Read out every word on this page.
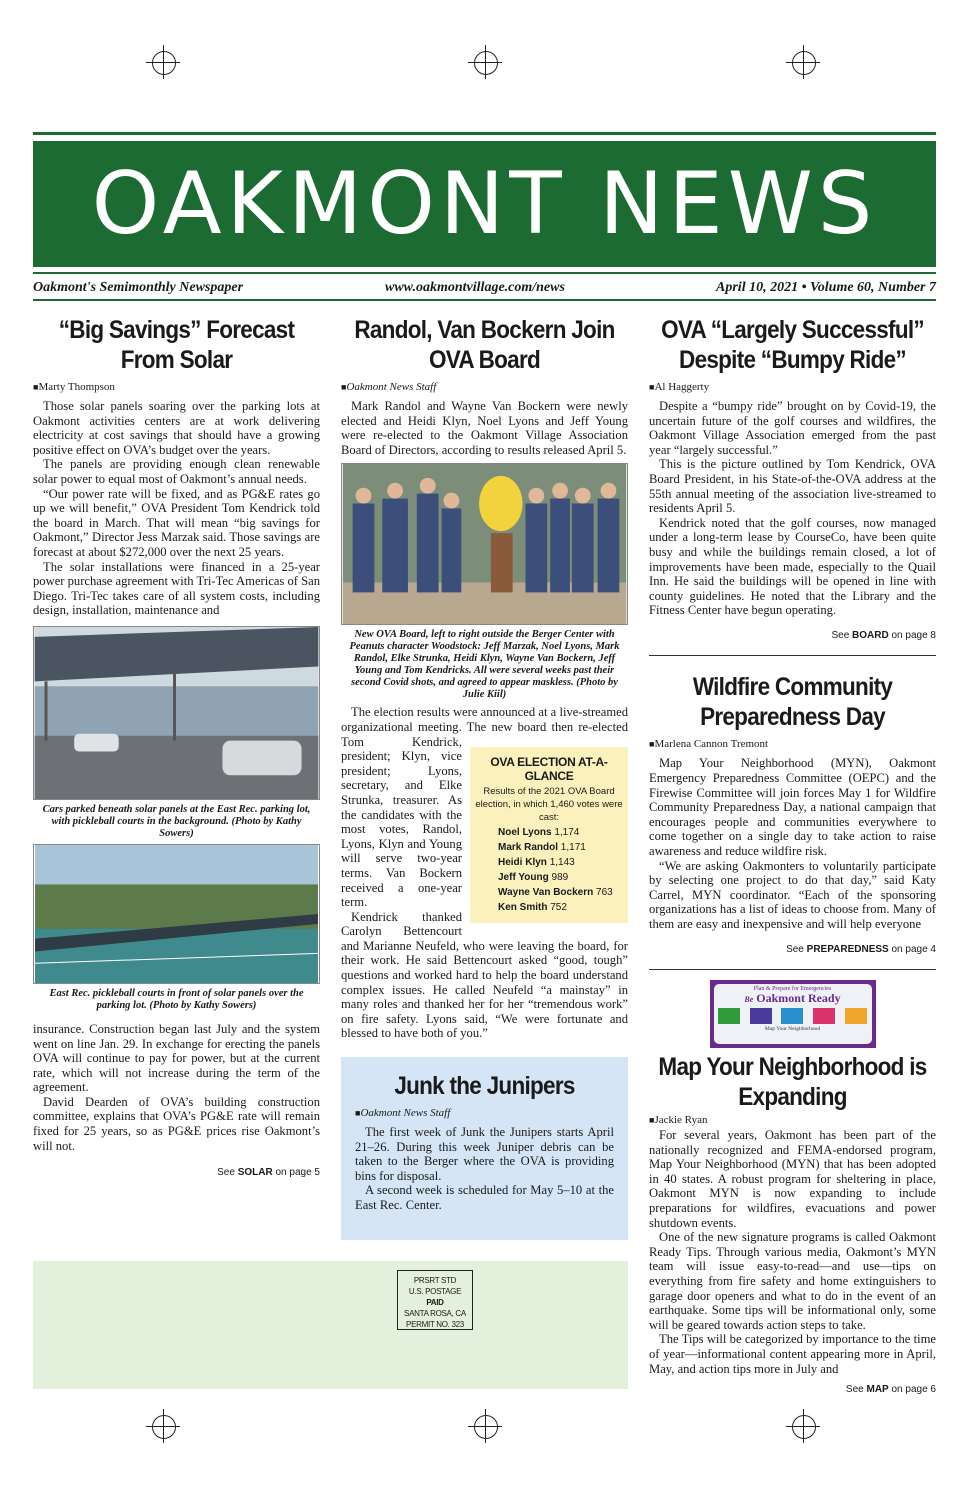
OAKMONT NEWS
Oakmont's Semimonthly Newspaper	www.oakmontvillage.com/news	April 10, 2021 • Volume 60, Number 7
“Big Savings” Forecast From Solar
■ Marty Thompson

Those solar panels soaring over the parking lots at Oakmont activities centers are at work delivering electricity at cost savings that should have a growing positive effect on OVA’s budget over the years.

The panels are providing enough clean renewable solar power to equal most of Oakmont’s annual needs.

“Our power rate will be fixed, and as PG&E rates go up we will benefit,” OVA President Tom Kendrick told the board in March. That will mean “big savings for Oakmont,” Director Jess Marzak said. Those savings are forecast at about $272,000 over the next 25 years.

The solar installations were financed in a 25-year power purchase agreement with Tri-Tec Americas of San Diego. Tri-Tec takes care of all system costs, including design, installation, maintenance and

Cars parked beneath solar panels at the East Rec. parking lot, with pickleball courts in the background. (Photo by Kathy Sowers)
East Rec. pickleball courts in front of solar panels over the parking lot. (Photo by Kathy Sowers)

insurance. Construction began last July and the system went on line Jan. 29. In exchange for erecting the panels OVA will continue to pay for power, but at the current rate, which will not increase during the term of the agreement.

David Dearden of OVA’s building construction committee, explains that OVA’s PG&E rate will remain fixed for 25 years, so as PG&E prices rise Oakmont’s will not.

See SOLAR on page 5
Randol, Van Bockern Join OVA Board
■ Oakmont News Staff

Mark Randol and Wayne Van Bockern were newly elected and Heidi Klyn, Noel Lyons and Jeff Young were re-elected to the Oakmont Village Association Board of Directors, according to results released April 5.

New OVA Board, left to right outside the Berger Center with Peanuts character Woodstock: Jeff Marzak, Noel Lyons, Mark Randol, Elke Strunka, Heidi Klyn, Wayne Van Bockern, Jeff Young and Tom Kendricks. All were several weeks past their second Covid shots, and agreed to appear maskless. (Photo by Julie Kiil)
OVA ELECTION AT-A-GLANCE
Results of the 2021 OVA Board election, in which 1,460 votes were cast:
Noel Lyons 1,174
Mark Randol 1,171
Heidi Klyn 1,143
Jeff Young 989
Wayne Van Bockern 763
Ken Smith 752

The election results were announced at a live-streamed organizational meeting. The new board then re-elected Tom Kendrick, president; Klyn, vice president; Lyons, secretary, and Elke Strunka, treasurer. As the candidates with the most votes, Randol, Lyons, Klyn and Young will serve two-year terms. Van Bockern received a one-year term.

Kendrick thanked Carolyn Bettencourt and Marianne Neufeld, who were leaving the board, for their work. He said Bettencourt asked “good, tough” questions and worked hard to help the board understand complex issues. He called Neufeld “a mainstay” in many roles and thanked her for her “tremendous work” on fire safety. Lyons said, “We were fortunate and blessed to have both of you.”

Junk the Junipers
■ Oakmont News Staff

The first week of Junk the Junipers starts April 21–26. During this week Juniper debris can be taken to the Berger where the OVA is providing bins for disposal.

A second week is scheduled for May 5–10 at the East Rec. Center.

PRSRT STD
U.S. POSTAGE
PAID
SANTA ROSA, CA
PERMIT NO. 323
OVA “Largely Successful” Despite “Bumpy Ride”
■ Al Haggerty

Despite a “bumpy ride” brought on by Covid-19, the uncertain future of the golf courses and wildfires, the Oakmont Village Association emerged from the past year “largely successful.”

This is the picture outlined by Tom Kendrick, OVA Board President, in his State-of-the-OVA address at the 55th annual meeting of the association live-streamed to residents April 5.

Kendrick noted that the golf courses, now managed under a long-term lease by CourseCo, have been quite busy and while the buildings remain closed, a lot of improvements have been made, especially to the Quail Inn. He said the buildings will be opened in line with county guidelines. He noted that the Library and the Fitness Center have begun operating.

See BOARD on page 8
Wildfire Community Preparedness Day
■ Marlena Cannon Tremont

Map Your Neighborhood (MYN), Oakmont Emergency Preparedness Committee (OEPC) and the Firewise Committee will join forces May 1 for Wildfire Community Preparedness Day, a national campaign that encourages people and communities everywhere to come together on a single day to take action to raise awareness and reduce wildfire risk.

“We are asking Oakmonters to voluntarily participate by selecting one project to do that day,” said Katy Carrel, MYN coordinator. “Each of the sponsoring organizations has a list of ideas to choose from. Many of them are easy and inexpensive and will help everyone

See PREPAREDNESS on page 4
Plan & Prepare for Emergencies
Be Oakmont Ready
Map Your Neighborhood
Map Your Neighborhood is Expanding
■ Jackie Ryan

For several years, Oakmont has been part of the nationally recognized and FEMA-endorsed program, Map Your Neighborhood (MYN) that has been adopted in 40 states. A robust program for sheltering in place, Oakmont MYN is now expanding to include preparations for wildfires, evacuations and power shutdown events.

One of the new signature programs is called Oakmont Ready Tips. Through various media, Oakmont’s MYN team will issue easy-to-read—and use—tips on everything from fire safety and home extinguishers to garage door openers and what to do in the event of an earthquake. Some tips will be informational only, some will be geared towards action steps to take.

The Tips will be categorized by importance to the time of year—informational content appearing more in April, May, and action tips more in July and

See MAP on page 6
